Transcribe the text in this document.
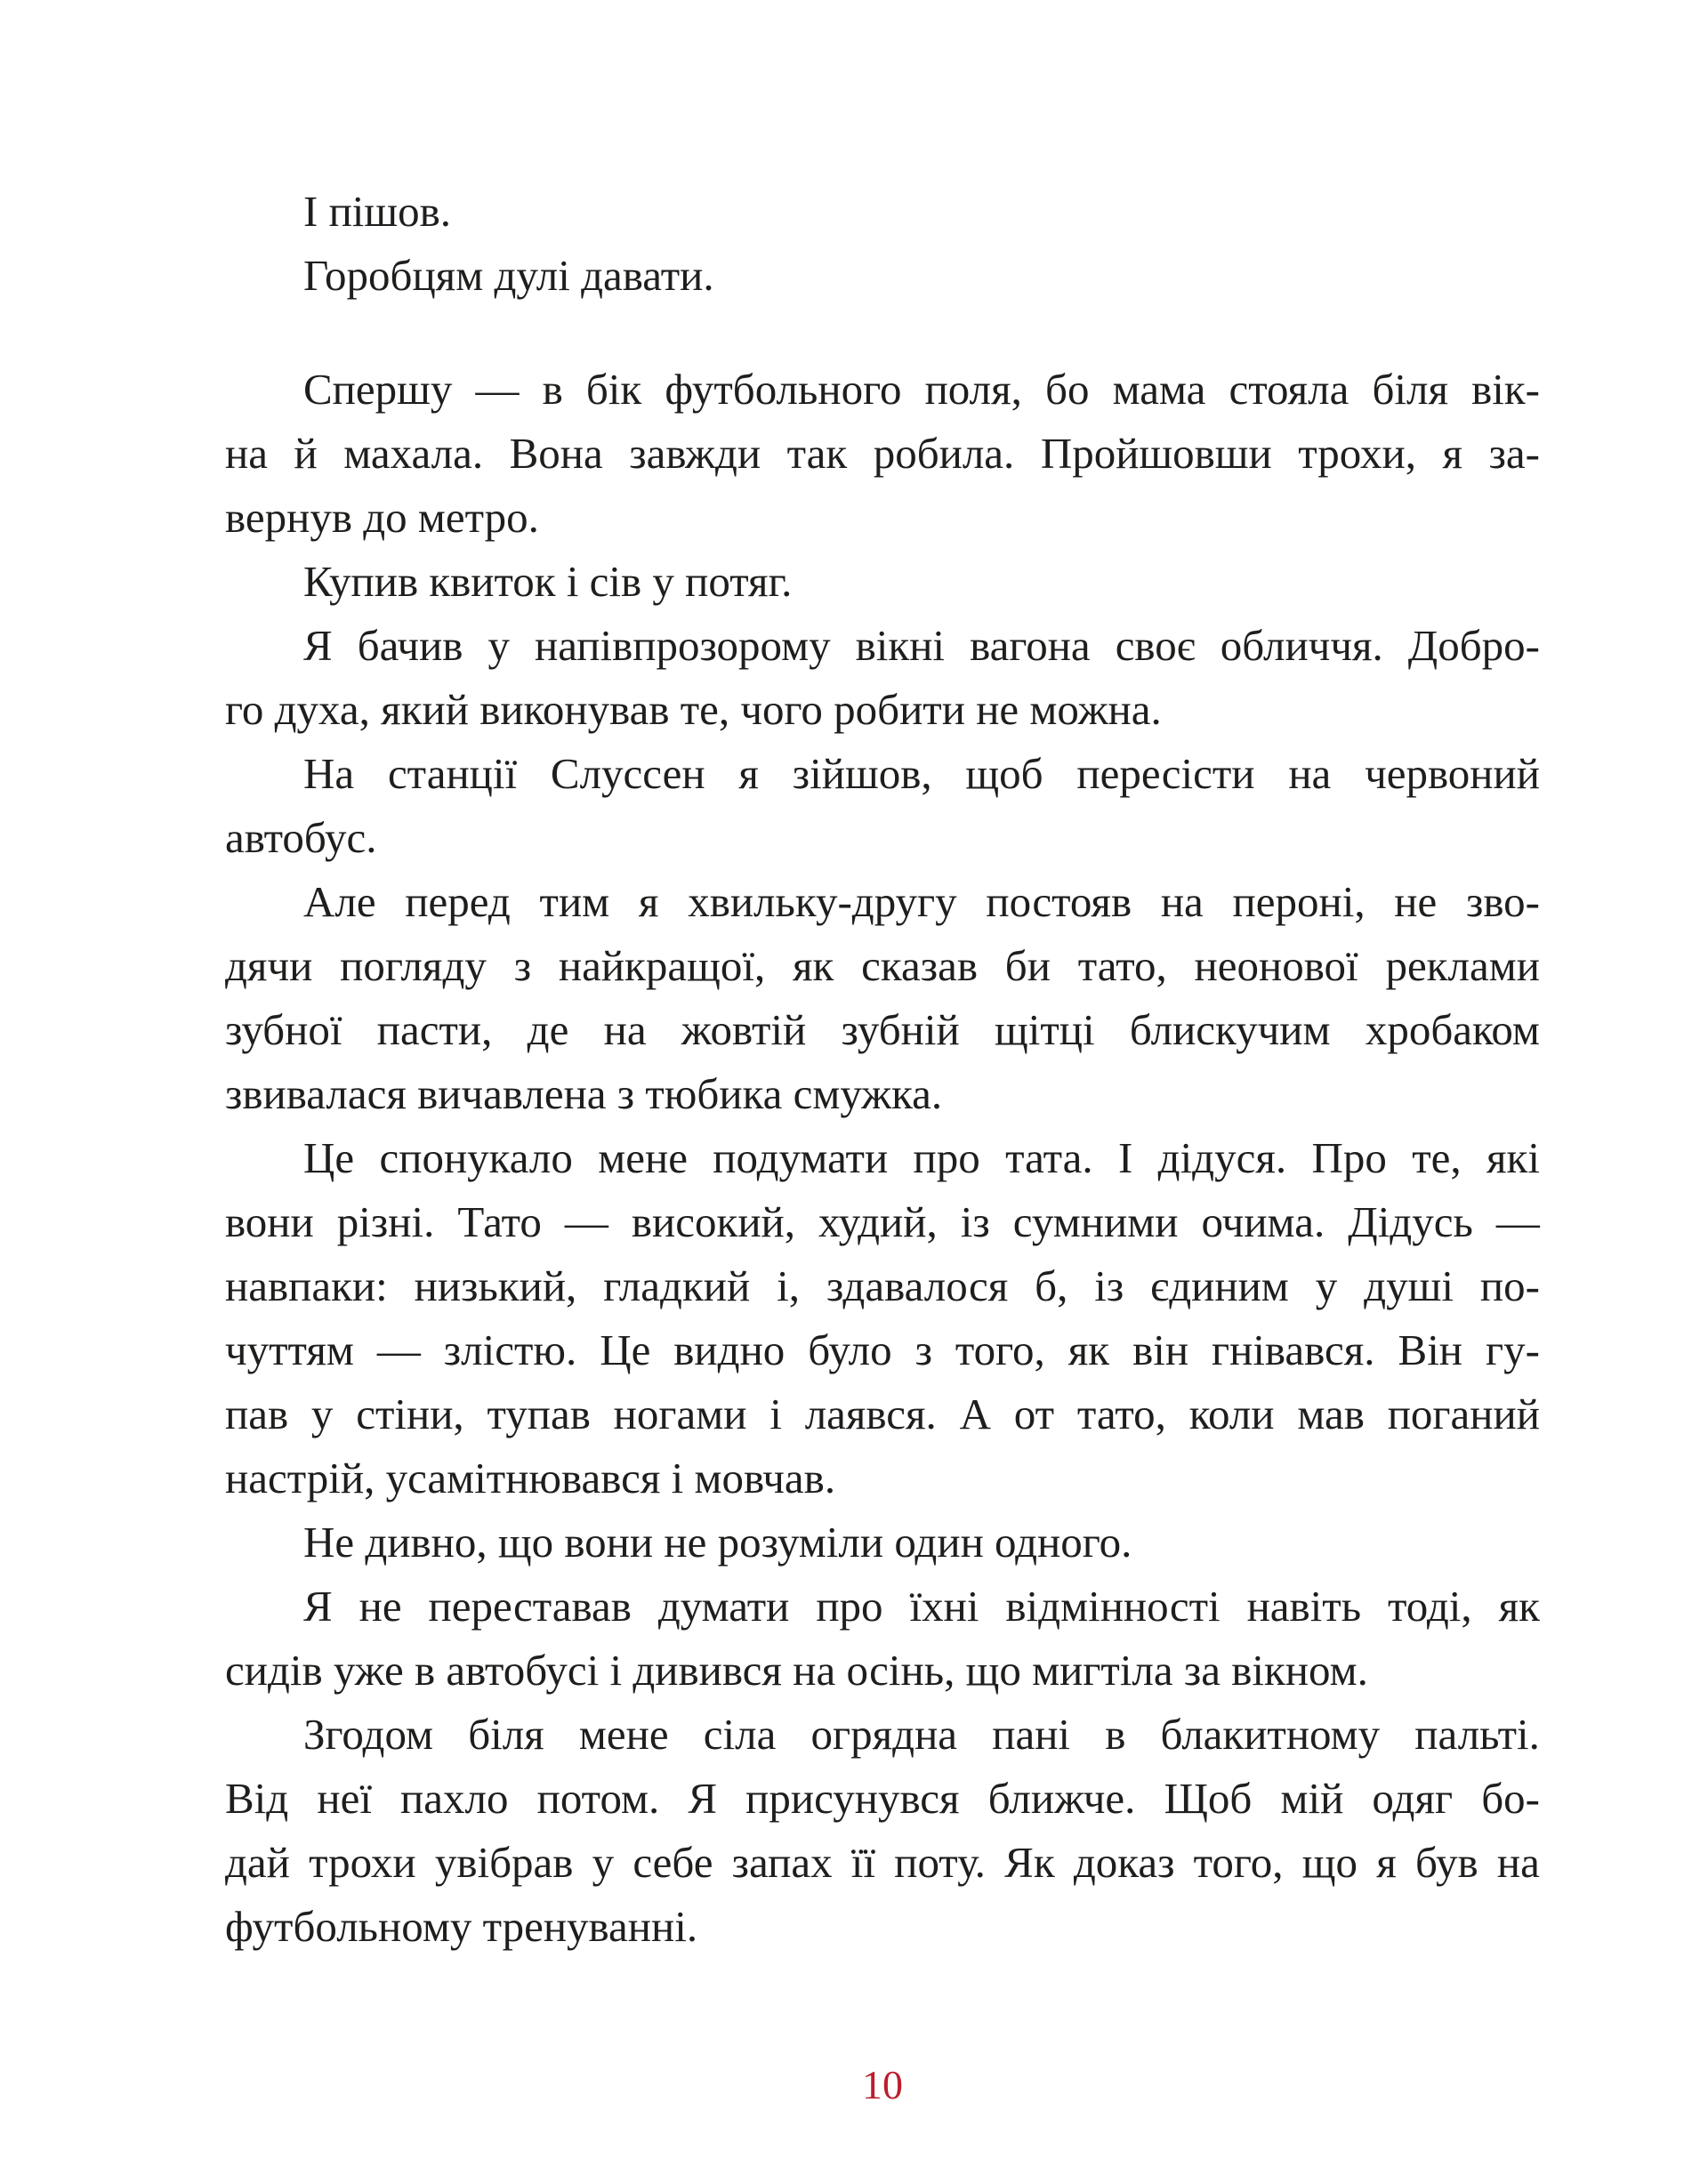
І пішов.
Горобцям дулі давати.
Спершу — в бік футбольного поля, бо мама стояла біля вік-
на й махала. Вона завжди так робила. Пройшовши трохи, я за-
вернув до метро.
Купив квиток і сів у потяг.
Я бачив у напівпрозорому вікні вагона своє обличчя. Добро-
го духа, який виконував те, чого робити не можна.
На станції Слуссен я зійшов, щоб пересісти на червоний
автобус.
Але перед тим я хвильку-другу постояв на пероні, не зво-
дячи погляду з найкращої, як сказав би тато, неонової реклами
зубної пасти, де на жовтій зубній щітці блискучим хробаком
звивалася вичавлена з тюбика смужка.
Це спонукало мене подумати про тата. І дідуся. Про те, які
вони різні. Тато — високий, худий, із сумними очима. Дідусь —
навпаки: низький, гладкий і, здавалося б, із єдиним у душі по-
чуттям — злістю. Це видно було з того, як він гнівався. Він гу-
пав у стіни, тупав ногами і лаявся. А от тато, коли мав поганий
настрій, усамітнювався і мовчав.
Не дивно, що вони не розуміли один одного.
Я не переставав думати про їхні відмінності навіть тоді, як
сидів уже в автобусі і дивився на осінь, що мигтіла за вікном.
Згодом біля мене сіла огрядна пані в блакитному пальті.
Від неї пахло потом. Я присунувся ближче. Щоб мій одяг бо-
дай трохи увібрав у себе запах її поту. Як доказ того, що я був на
футбольному тренуванні.
10
